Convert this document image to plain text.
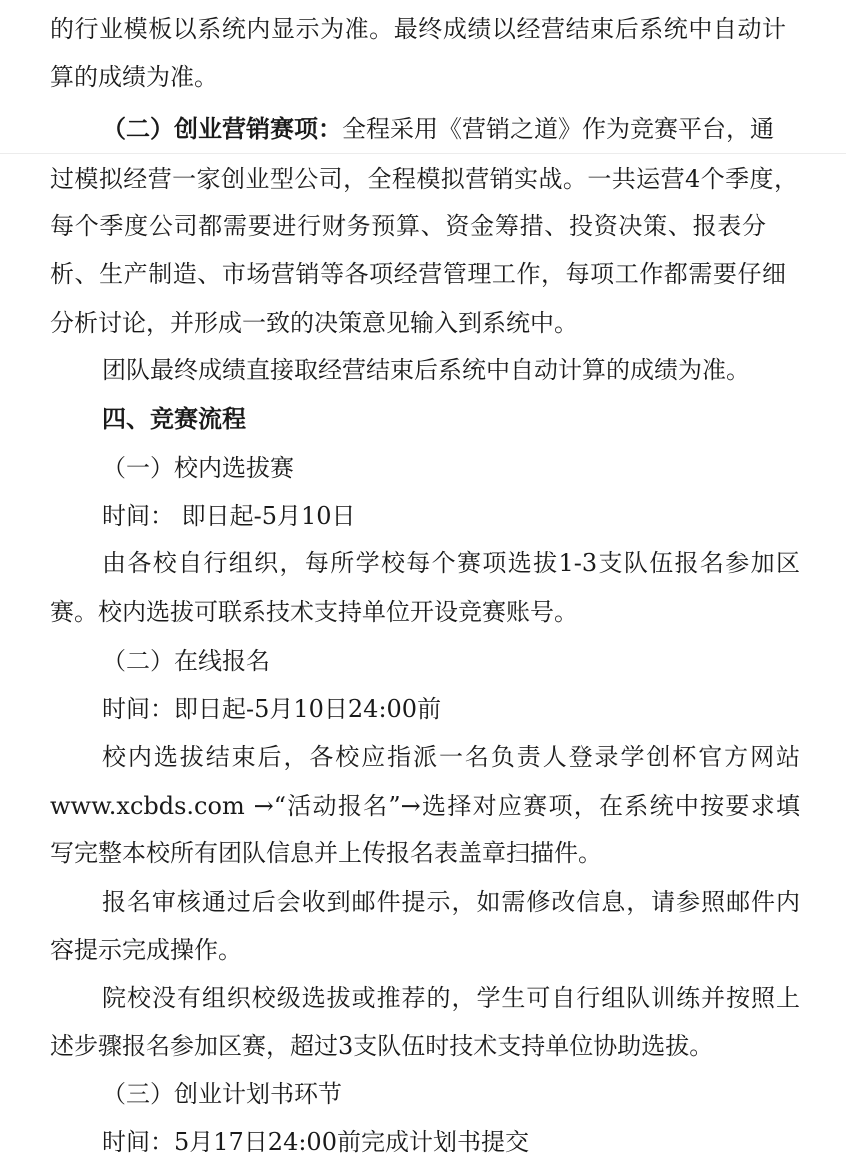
的行业模板以系统内显示为准。最终成绩以经营结束后系统中自动计
算的成绩为准。
（二）创业营销赛项：全程采用《营销之道》作为竞赛平台，通
过模拟经营一家创业型公司，全程模拟营销实战。一共运营4个季度，
每个季度公司都需要进行财务预算、资金筹措、投资决策、报表分
析、生产制造、市场营销等各项经营管理工作，每项工作都需要仔细
分析讨论，并形成一致的决策意见输入到系统中。
团队最终成绩直接取经营结束后系统中自动计算的成绩为准。
四、竞赛流程
（一）校内选拔赛
时间： 即日起-5月10日
由各校自行组织，每所学校每个赛项选拔1-3支队伍报名参加区
赛。校内选拔可联系技术支持单位开设竞赛账号。
（二）在线报名
时间：即日起-5月10日24:00前
校内选拔结束后，各校应指派一名负责人登录学创杯官方网站
www.xcbds.com →“活动报名”→选择对应赛项，在系统中按要求填
写完整本校所有团队信息并上传报名表盖章扫描件。
报名审核通过后会收到邮件提示，如需修改信息，请参照邮件内
容提示完成操作。
院校没有组织校级选拔或推荐的，学生可自行组队训练并按照上
述步骤报名参加区赛，超过3支队伍时技术支持单位协助选拔。
（三）创业计划书环节
时间：5月17日24:00前完成计划书提交
